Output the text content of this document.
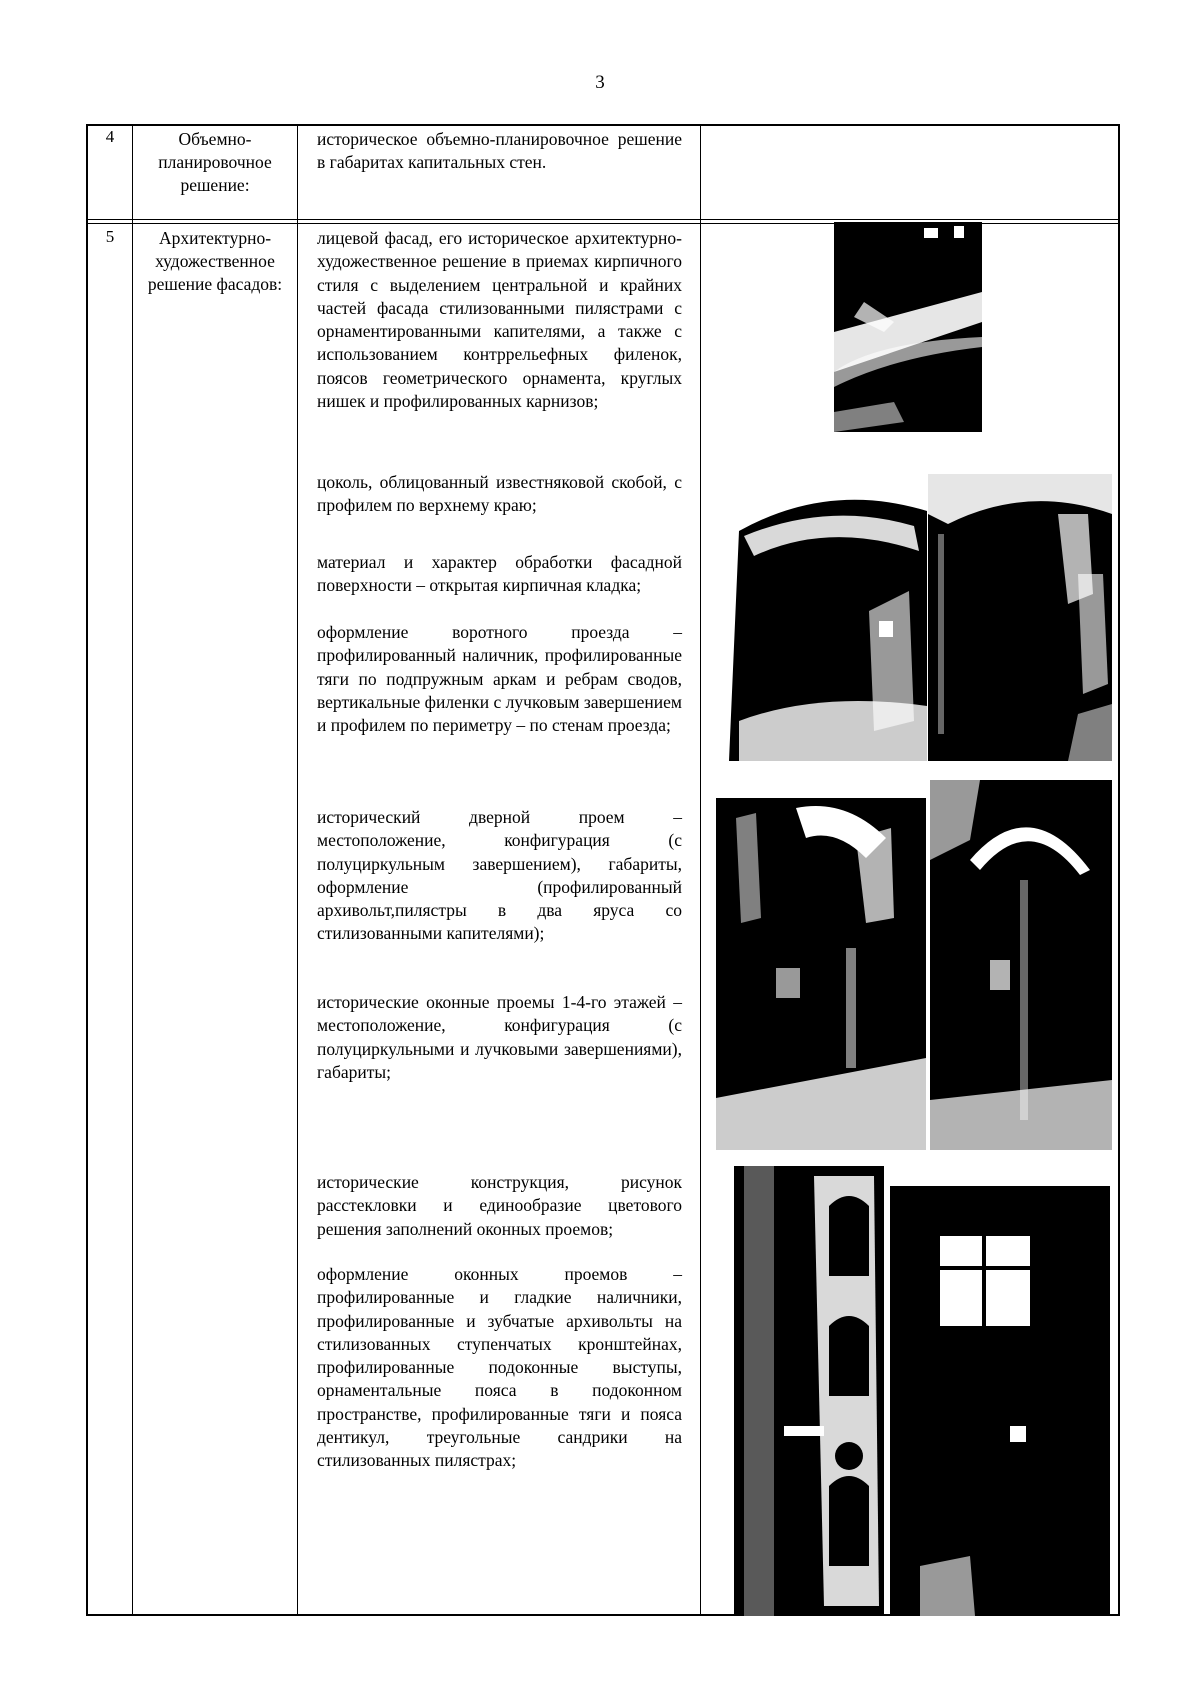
3
4	Объемно-планировочное решение:

историческое объемно-планировочное решение в габаритах капитальных стен.

5	Архитектурно-художественное решение фасадов:

лицевой фасад, его историческое архитектурно-художественное решение в приемах кирпичного стиля с выделением центральной и крайних частей фасада стилизованными пилястрами с орнаментированными капителями, а также с использованием контррельефных филенок, поясов геометрического орнамента, круглых нишек и профилированных карнизов;

цоколь, облицованный известняковой скобой, с профилем по верхнему краю;

материал и характер обработки фасадной поверхности – открытая кирпичная кладка;

оформление воротного проезда – профилированный наличник, профилированные тяги по подпружным аркам и ребрам сводов, вертикальные филенки с лучковым завершением и профилем по периметру – по стенам проезда;

исторический дверной проем – местоположение, конфигурация (с полуциркульным завершением), габариты, оформление (профилированный архивольт,пилястры в два яруса со стилизованными капителями);

исторические оконные проемы 1-4-го этажей – местоположение, конфигурация (с полуциркульными и лучковыми завершениями), габариты;

исторические конструкция, рисунок расстекловки и единообразие цветового решения заполнений оконных проемов;

оформление оконных проемов – профилированные и гладкие наличники, профилированные и зубчатые архивольты на стилизованных ступенчатых кронштейнах, профилированные подоконные выступы, орнаментальные пояса в подоконном пространстве, профилированные тяги и пояса дентикул, треугольные сандрики на стилизованных пилястрах;
